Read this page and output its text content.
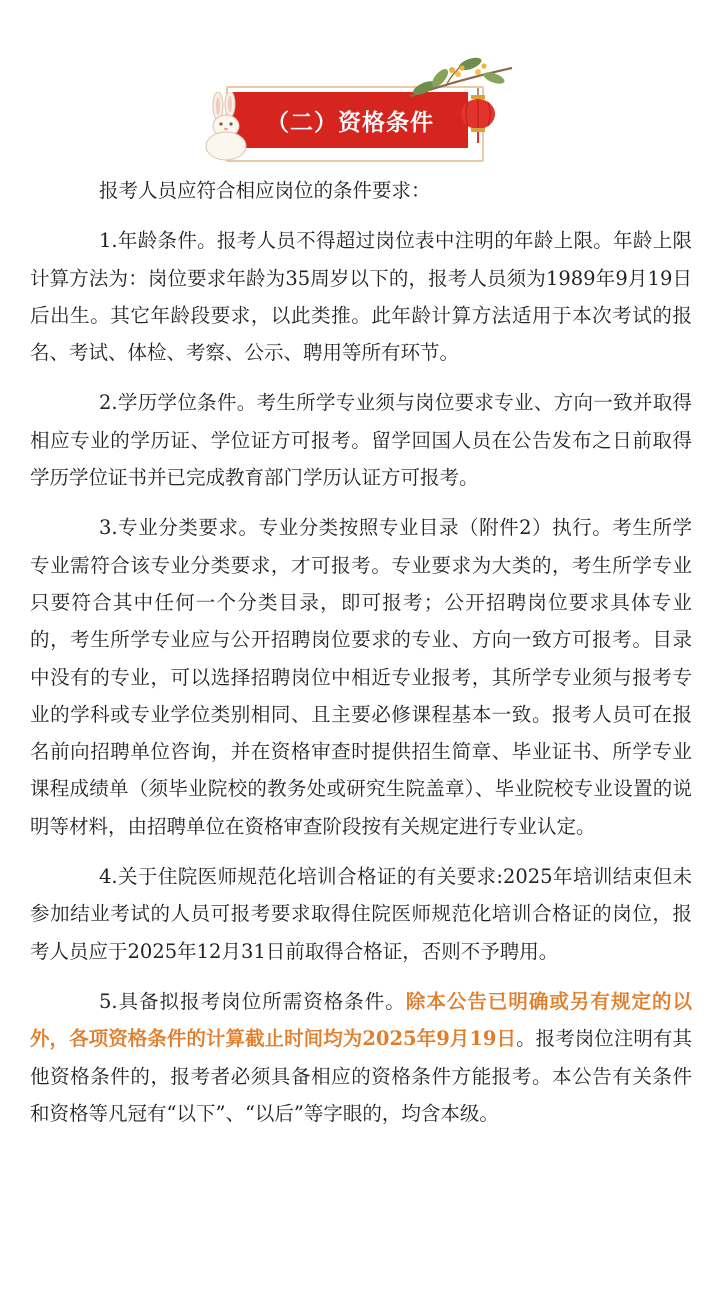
（二）资格条件

报考人员应符合相应岗位的条件要求：

1.年龄条件。报考人员不得超过岗位表中注明的年龄上限。年龄上限计算方法为：岗位要求年龄为35周岁以下的，报考人员须为1989年9月19日后出生。其它年龄段要求，以此类推。此年龄计算方法适用于本次考试的报名、考试、体检、考察、公示、聘用等所有环节。

2.学历学位条件。考生所学专业须与岗位要求专业、方向一致并取得相应专业的学历证、学位证方可报考。留学回国人员在公告发布之日前取得学历学位证书并已完成教育部门学历认证方可报考。

3.专业分类要求。专业分类按照专业目录（附件2）执行。考生所学专业需符合该专业分类要求，才可报考。专业要求为大类的，考生所学专业只要符合其中任何一个分类目录，即可报考；公开招聘岗位要求具体专业的，考生所学专业应与公开招聘岗位要求的专业、方向一致方可报考。目录中没有的专业，可以选择招聘岗位中相近专业报考，其所学专业须与报考专业的学科或专业学位类别相同、且主要必修课程基本一致。报考人员可在报名前向招聘单位咨询，并在资格审查时提供招生简章、毕业证书、所学专业课程成绩单（须毕业院校的教务处或研究生院盖章）、毕业院校专业设置的说明等材料，由招聘单位在资格审查阶段按有关规定进行专业认定。

4.关于住院医师规范化培训合格证的有关要求:2025年培训结束但未参加结业考试的人员可报考要求取得住院医师规范化培训合格证的岗位，报考人员应于2025年12月31日前取得合格证，否则不予聘用。

5.具备拟报考岗位所需资格条件。除本公告已明确或另有规定的以外，各项资格条件的计算截止时间均为2025年9月19日。报考岗位注明有其他资格条件的，报考者必须具备相应的资格条件方能报考。本公告有关条件和资格等凡冠有“以下”、“以后”等字眼的，均含本级。
